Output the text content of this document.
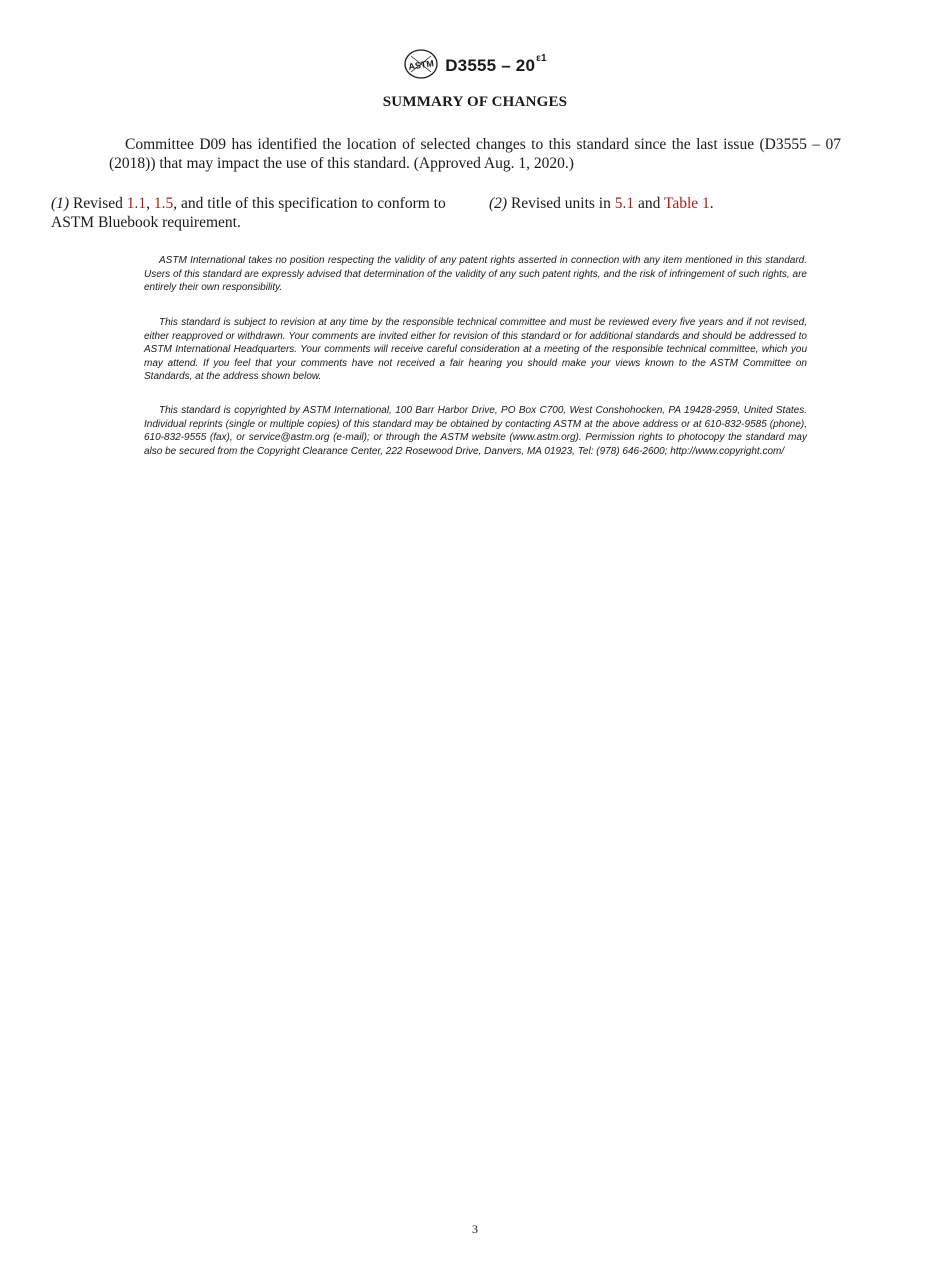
ASTM $D3555 - 20^{\varepsilon 1}$
SUMMARY OF CHANGES
Committee D09 has identified the location of selected changes to this standard since the last issue (D3555 – 07 (2018)) that may impact the use of this standard. (Approved Aug. 1, 2020.)
(1) Revised 1.1, 1.5, and title of this specification to conform to ASTM Bluebook requirement.
(2) Revised units in 5.1 and Table 1.

ASTM International takes no position respecting the validity of any patent rights asserted in connection with any item mentioned in this standard. Users of this standard are expressly advised that determination of the validity of any such patent rights, and the risk of infringement of such rights, are entirely their own responsibility.

This standard is subject to revision at any time by the responsible technical committee and must be reviewed every five years and if not revised, either reapproved or withdrawn. Your comments are invited either for revision of this standard or for additional standards and should be addressed to ASTM International Headquarters. Your comments will receive careful consideration at a meeting of the responsible technical committee, which you may attend. If you feel that your comments have not received a fair hearing you should make your views known to the ASTM Committee on Standards, at the address shown below.

This standard is copyrighted by ASTM International, 100 Barr Harbor Drive, PO Box C700, West Conshohocken, PA 19428-2959, United States. Individual reprints (single or multiple copies) of this standard may be obtained by contacting ASTM at the above address or at 610-832-9585 (phone), 610-832-9555 (fax), or service@astm.org (e-mail); or through the ASTM website (www.astm.org). Permission rights to photocopy the standard may also be secured from the Copyright Clearance Center, 222 Rosewood Drive, Danvers, MA 01923, Tel: (978) 646-2600; http://www.copyright.com/

3
